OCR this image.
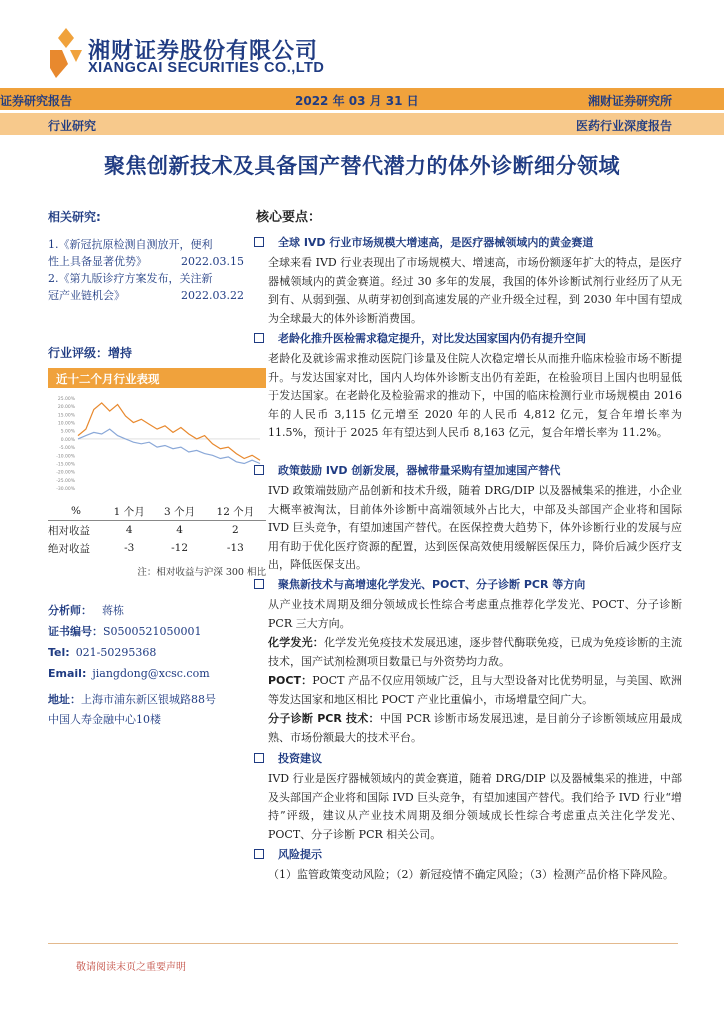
湘财证券股份有限公司
XIANGCAI SECURITIES CO.,LTD
证券研究报告	2022 年 03 月 31 日	湘财证券研究所
行业研究	医药行业深度报告
聚焦创新技术及具备国产替代潜力的体外诊断细分领域
相关研究:
1.《新冠抗原检测自测放开，便利
性上具备显著优势》	2022.03.15
2.《第九版诊疗方案发布，关注新
冠产业链机会》	2022.03.22
行业评级：增持
近十二个月行业表现
25.00%
20.00%
15.00%
10.00%
5.00%
0.00%
-5.00%
-10.00%
-15.00%
-20.00%
-25.00%
-30.00%
%	1 个月	3 个月	12 个月
相对收益	4	4	2
绝对收益	-3	-12	-13
注：相对收益与沪深 300 相比
分析师： 蒋栋
证书编号：S0500521050001
Tel: 021-50295368
Email: jiangdong@xcsc.com
地址：上海市浦东新区银城路88号
中国人寿金融中心10楼
核心要点：
全球 IVD 行业市场规模大增速高，是医疗器械领域内的黄金赛道
全球来看 IVD 行业表现出了市场规模大、增速高，市场份额逐年扩大的特点，是医疗器械领域内的黄金赛道。经过 30 多年的发展，我国的体外诊断试剂行业经历了从无到有、从弱到强、从萌芽初创到高速发展的产业升级全过程，到 2030 年中国有望成为全球最大的体外诊断消费国。
老龄化推升医检需求稳定提升，对比发达国家国内仍有提升空间
老龄化及就诊需求推动医院门诊量及住院人次稳定增长从而推升临床检验市场不断提升。与发达国家对比，国内人均体外诊断支出仍有差距，在检验项目上国内也明显低于发达国家。在老龄化及检验需求的推动下，中国的临床检测行业市场规模由 2016 年的人民币 3,115 亿元增至 2020 年的人民币 4,812 亿元，复合年增长率为 11.5%，预计于 2025 年有望达到人民币 8,163 亿元，复合年增长率为 11.2%。
政策鼓励 IVD 创新发展，器械带量采购有望加速国产替代
IVD 政策端鼓励产品创新和技术升级，随着 DRG/DIP 以及器械集采的推进，小企业大概率被淘汰，目前体外诊断中高端领域外占比大，中部及头部国产企业将和国际 IVD 巨头竞争，有望加速国产替代。在医保控费大趋势下，体外诊断行业的发展与应用有助于优化医疗资源的配置，达到医保高效使用缓解医保压力，降价后减少医疗支出，降低医保支出。
聚焦新技术与高增速化学发光、POCT、分子诊断 PCR 等方向
从产业技术周期及细分领域成长性综合考虑重点推荐化学发光、POCT、分子诊断 PCR 三大方向。
化学发光：化学发光免疫技术发展迅速，逐步替代酶联免疫，已成为免疫诊断的主流技术，国产试剂检测项目数量已与外资势均力敌。
POCT：POCT 产品不仅应用领域广泛，且与大型设备对比优势明显，与美国、欧洲等发达国家和地区相比 POCT 产业比重偏小，市场增量空间广大。
分子诊断 PCR 技术：中国 PCR 诊断市场发展迅速，是目前分子诊断领域应用最成熟、市场份额最大的技术平台。
投资建议
IVD 行业是医疗器械领域内的黄金赛道，随着 DRG/DIP 以及器械集采的推进，中部及头部国产企业将和国际 IVD 巨头竞争，有望加速国产替代。我们给予 IVD 行业“增持”评级，建议从产业技术周期及细分领域成长性综合考虑重点关注化学发光、POCT、分子诊断 PCR 相关公司。
风险提示
（1）监管政策变动风险；（2）新冠疫情不确定风险；（3）检测产品价格下降风险。
敬请阅读末页之重要声明
